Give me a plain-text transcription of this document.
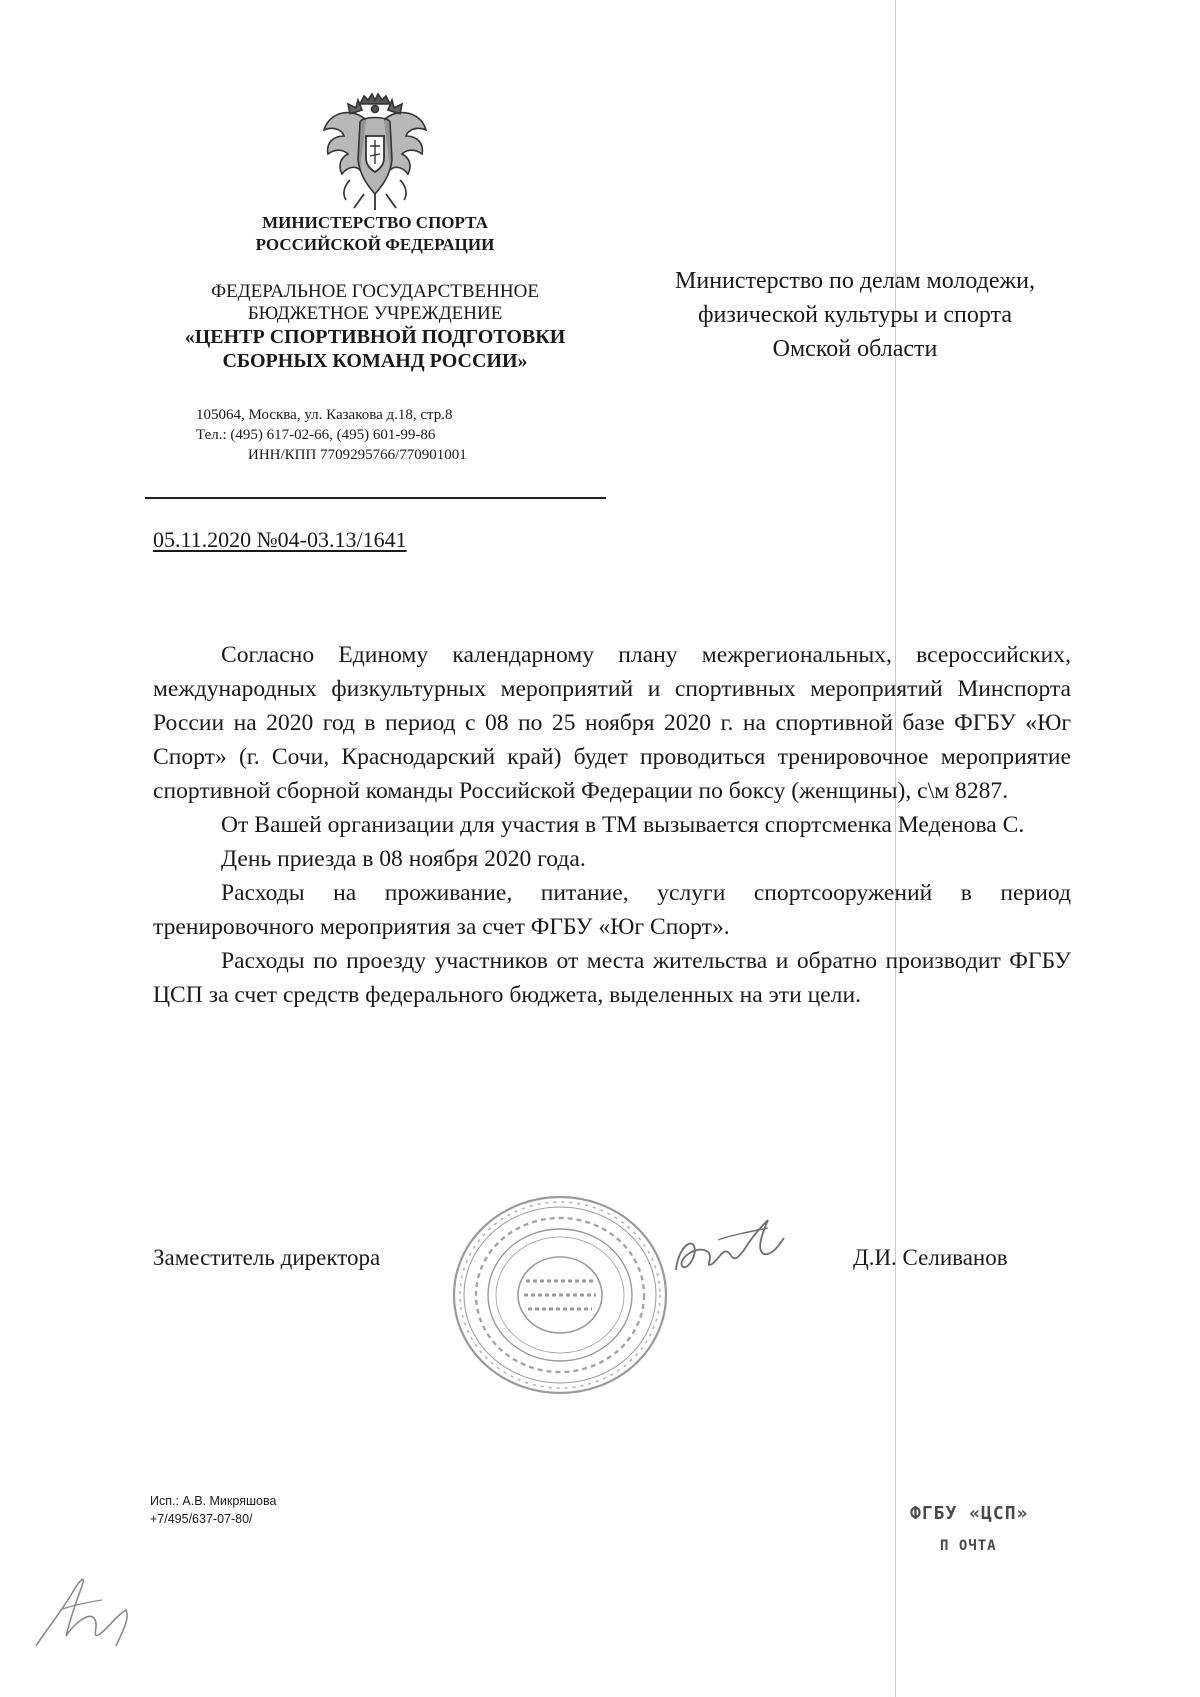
МИНИСТЕРСТВО СПОРТА
РОССИЙСКОЙ ФЕДЕРАЦИИ
ФЕДЕРАЛЬНОЕ ГОСУДАРСТВЕННОЕ
БЮДЖЕТНОЕ УЧРЕЖДЕНИЕ
«ЦЕНТР СПОРТИВНОЙ ПОДГОТОВКИ
СБОРНЫХ КОМАНД РОССИИ»
105064, Москва, ул. Казакова д.18, стр.8
Тел.: (495) 617-02-66, (495) 601-99-86
ИНН/КПП 7709295766/770901001
05.11.2020 №04-03.13/1641
Министерство по делам молодежи,
физической культуры и спорта
Омской области

Согласно Единому календарному плану межрегиональных, всероссийских, международных физкультурных мероприятий и спортивных мероприятий Минспорта России на 2020 год в период с 08 по 25 ноября 2020 г. на спортивной базе ФГБУ «Юг Спорт» (г. Сочи, Краснодарский край) будет проводиться тренировочное мероприятие спортивной сборной команды Российской Федерации по боксу (женщины), с\м 8287.

От Вашей организации для участия в ТМ вызывается спортсменка Меденова С.

День приезда в 08 ноября 2020 года.

Расходы на проживание, питание, услуги спортсооружений в период тренировочного мероприятия за счет ФГБУ «Юг Спорт».

Расходы по проезду участников от места жительства и обратно производит ФГБУ ЦСП за счет средств федерального бюджета, выделенных на эти цели.

Заместитель директора	Д.И. Селиванов
Исп.: А.В. Микряшова
+7/495/637-07-80/	ФГБУ «ЦСП»
П ОЧТА
